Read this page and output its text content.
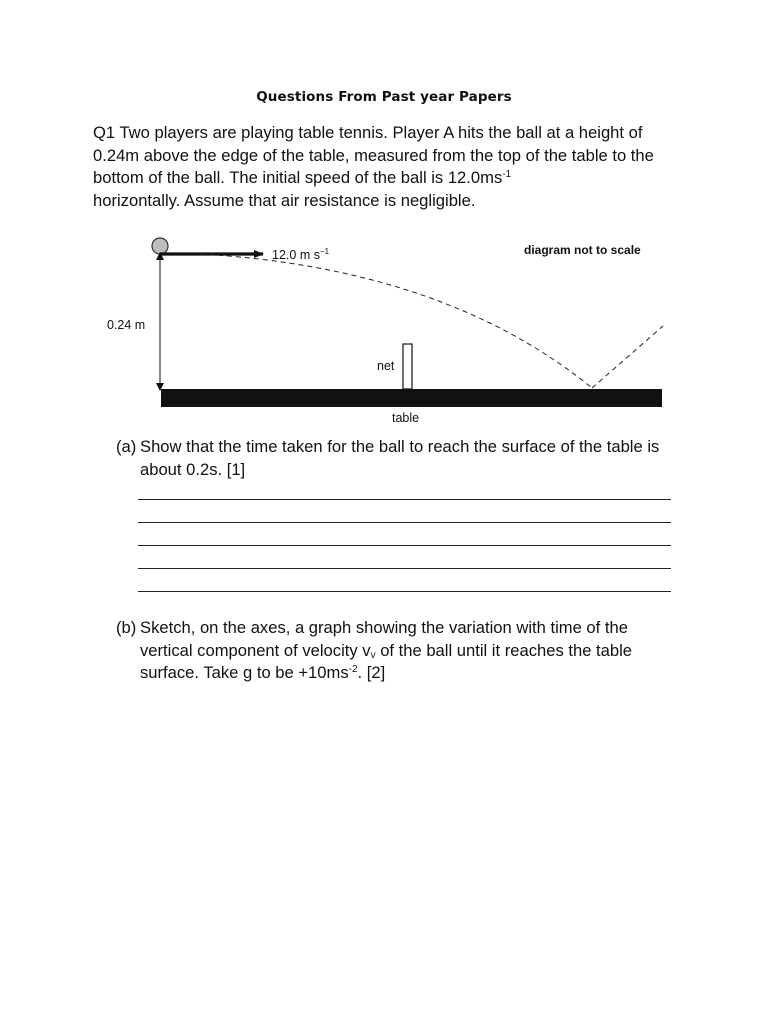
Questions From Past year Papers

Q1 Two players are playing table tennis. Player A hits the ball at a height of 0.24m above the edge of the table, measured from the top of the table to the bottom of the ball. The initial speed of the ball is $12.0ms^{-1}$

horizontally. Assume that air resistance is negligible.

12.0 m $s^{-1}$	diagram not to scale
0.24 m
net
table
(a) Show that the time taken for the ball to reach the surface of the table is about 0.2s. [1]
(b) Sketch, on the axes, a graph showing the variation with time of the vertical component of velocity $v_v$ of the ball until it reaches the table surface. Take g to be $+10ms^{-2}$. [2]
